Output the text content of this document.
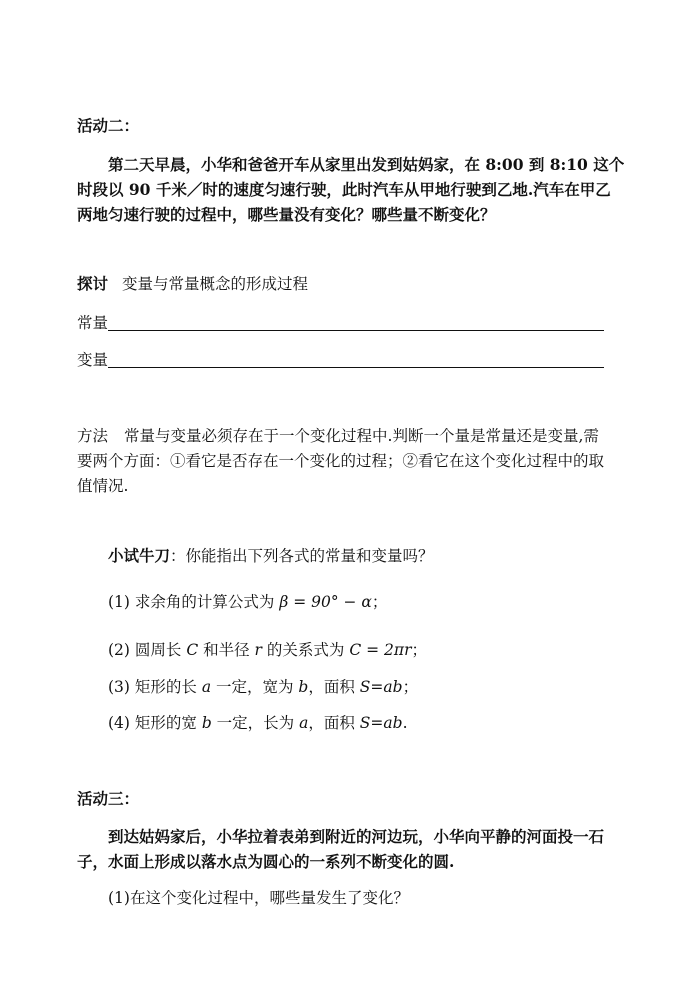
活动二：
第二天早晨，小华和爸爸开车从家里出发到姑妈家，在 8:00 到 8:10 这个
时段以 90 千米／时的速度匀速行驶，此时汽车从甲地行驶到乙地.汽车在甲乙
两地匀速行驶的过程中，哪些量没有变化？哪些量不断变化？
探讨 变量与常量概念的形成过程
常量
变量
方法 常量与变量必须存在于一个变化过程中.判断一个量是常量还是变量,需
要两个方面：①看它是否存在一个变化的过程；②看它在这个变化过程中的取
值情况.
小试牛刀：你能指出下列各式的常量和变量吗？
(1) 求余角的计算公式为 β = 90° − α；
(2) 圆周长 C 和半径 r 的关系式为 C = 2πr；
(3) 矩形的长 a 一定，宽为 b，面积 S=ab；
(4) 矩形的宽 b 一定，长为 a，面积 S=ab.
活动三：
到达姑妈家后，小华拉着表弟到附近的河边玩，小华向平静的河面投一石
子，水面上形成以落水点为圆心的一系列不断变化的圆.
(1)在这个变化过程中，哪些量发生了变化？
